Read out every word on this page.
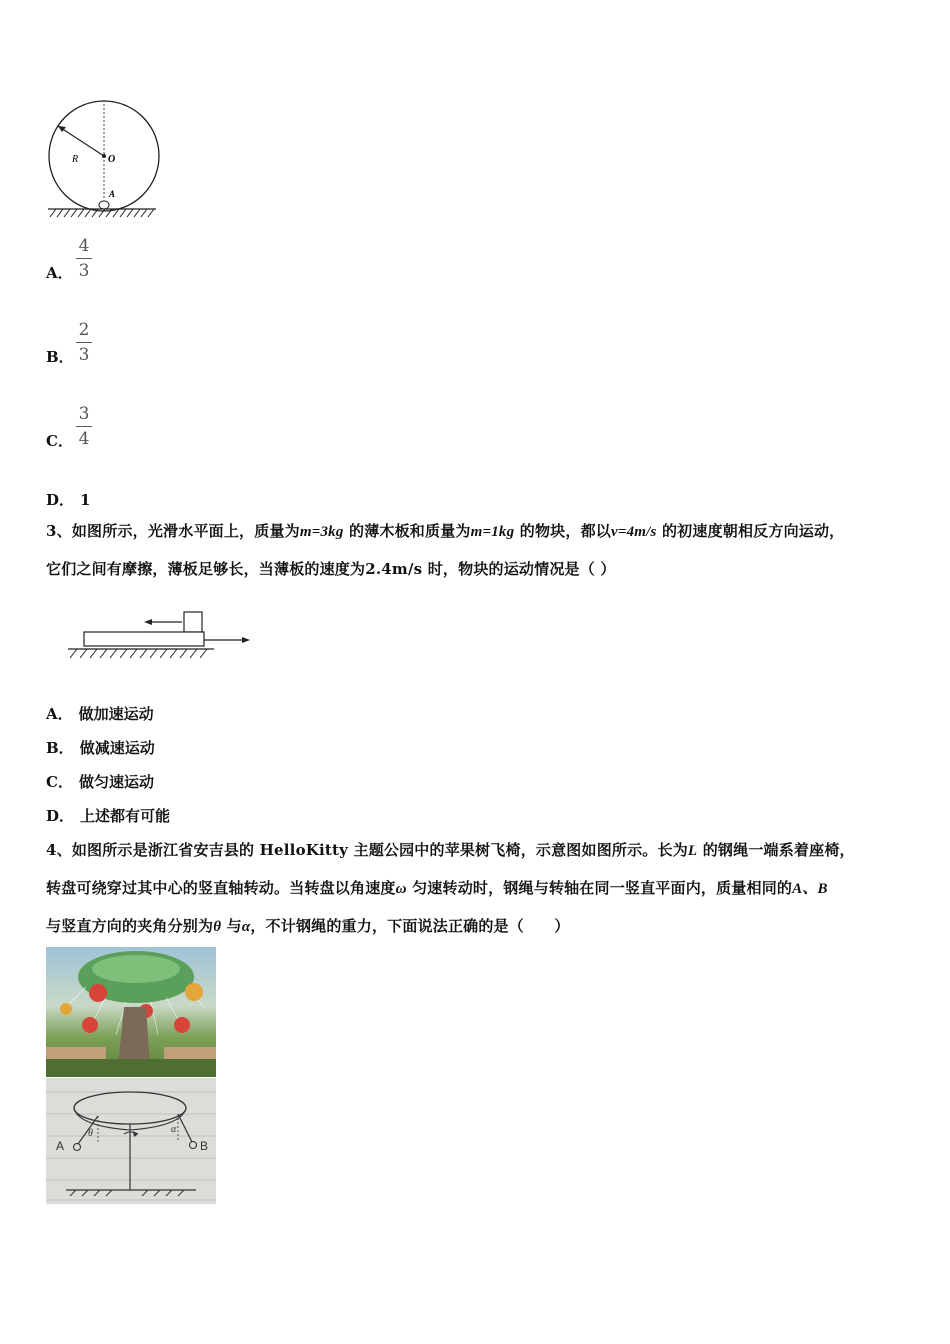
R	O
A
A．
4
3
B．
2
3
C．
3
4
D． 1
3、如图所示，光滑水平面上，质量为m=3kg 的薄木板和质量为m=1kg 的物块，都以v=4m/s 的初速度朝相反方向运动，
它们之间有摩擦，薄板足够长，当薄板的速度为2.4m/s 时，物块的运动情况是（ ）
A． 做加速运动
B． 做减速运动
C． 做匀速运动
D． 上述都有可能
4、如图所示是浙江省安吉县的 HelloKitty 主题公园中的苹果树飞椅，示意图如图所示。长为L 的钢绳一端系着座椅，
转盘可绕穿过其中心的竖直轴转动。当转盘以角速度ω 匀速转动时，钢绳与转轴在同一竖直平面内，质量相同的A、B
与竖直方向的夹角分别为θ 与α，不计钢绳的重力，下面说法正确的是（　　）
A	B
θ	α
